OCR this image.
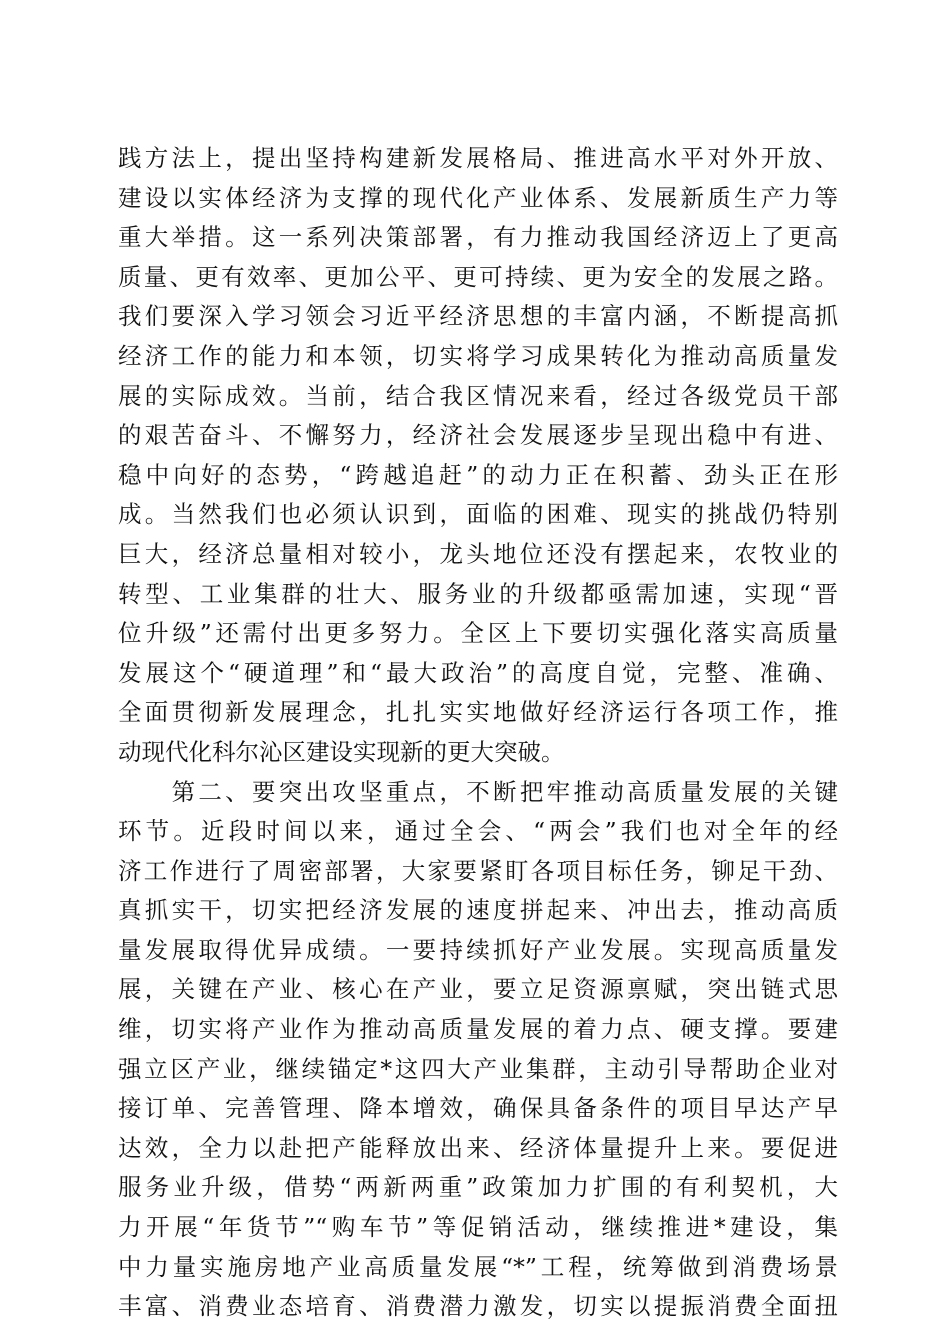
践方法上，提出坚持构建新发展格局、推进高水平对外开放、
建设以实体经济为支撑的现代化产业体系、发展新质生产力等
重大举措。这一系列决策部署，有力推动我国经济迈上了更高
质量、更有效率、更加公平、更可持续、更为安全的发展之路。
我们要深入学习领会习近平经济思想的丰富内涵，不断提高抓
经济工作的能力和本领，切实将学习成果转化为推动高质量发
展的实际成效。当前，结合我区情况来看，经过各级党员干部
的艰苦奋斗、不懈努力，经济社会发展逐步呈现出稳中有进、
稳中向好的态势，“跨越追赶”的动力正在积蓄、劲头正在形
成。当然我们也必须认识到，面临的困难、现实的挑战仍特别
巨大，经济总量相对较小，龙头地位还没有摆起来，农牧业的
转型、工业集群的壮大、服务业的升级都亟需加速，实现“晋
位升级”还需付出更多努力。全区上下要切实强化落实高质量
发展这个“硬道理”和“最大政治”的高度自觉，完整、准确、
全面贯彻新发展理念，扎扎实实地做好经济运行各项工作，推
动现代化科尔沁区建设实现新的更大突破。
　　第二、要突出攻坚重点，不断把牢推动高质量发展的关键
环节。近段时间以来，通过全会、“两会”我们也对全年的经
济工作进行了周密部署，大家要紧盯各项目标任务，铆足干劲、
真抓实干，切实把经济发展的速度拼起来、冲出去，推动高质
量发展取得优异成绩。一要持续抓好产业发展。实现高质量发
展，关键在产业、核心在产业，要立足资源禀赋，突出链式思
维，切实将产业作为推动高质量发展的着力点、硬支撑。要建
强立区产业，继续锚定*这四大产业集群，主动引导帮助企业对
接订单、完善管理、降本增效，确保具备条件的项目早达产早
达效，全力以赴把产能释放出来、经济体量提升上来。要促进
服务业升级，借势“两新两重”政策加力扩围的有利契机，大
力开展“年货节”“购车节”等促销活动，继续推进*建设，集
中力量实施房地产业高质量发展“*”工程，统筹做到消费场景
丰富、消费业态培育、消费潜力激发，切实以提振消费全面扭
